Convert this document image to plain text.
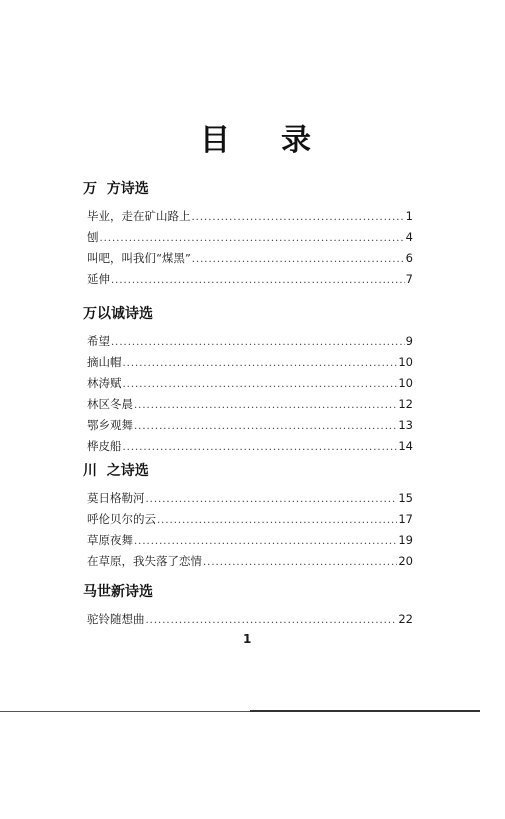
目 录
万  方诗选
毕业，走在矿山路上 .....	1
刨 .....	4
叫吧，叫我们“煤黑” .....	6
延伸 .....	7
万以诚诗选
希望 .....	9
摘山帽 .....	10
林涛赋 .....	10
林区冬晨 .....	12
鄂乡观舞 .....	13
桦皮船 .....	14
川  之诗选
莫日格勒河 .....	15
呼伦贝尔的云 .....	17
草原夜舞 .....	19
在草原，我失落了恋情 .....	20
马世新诗选
驼铃随想曲 .....	22
1
